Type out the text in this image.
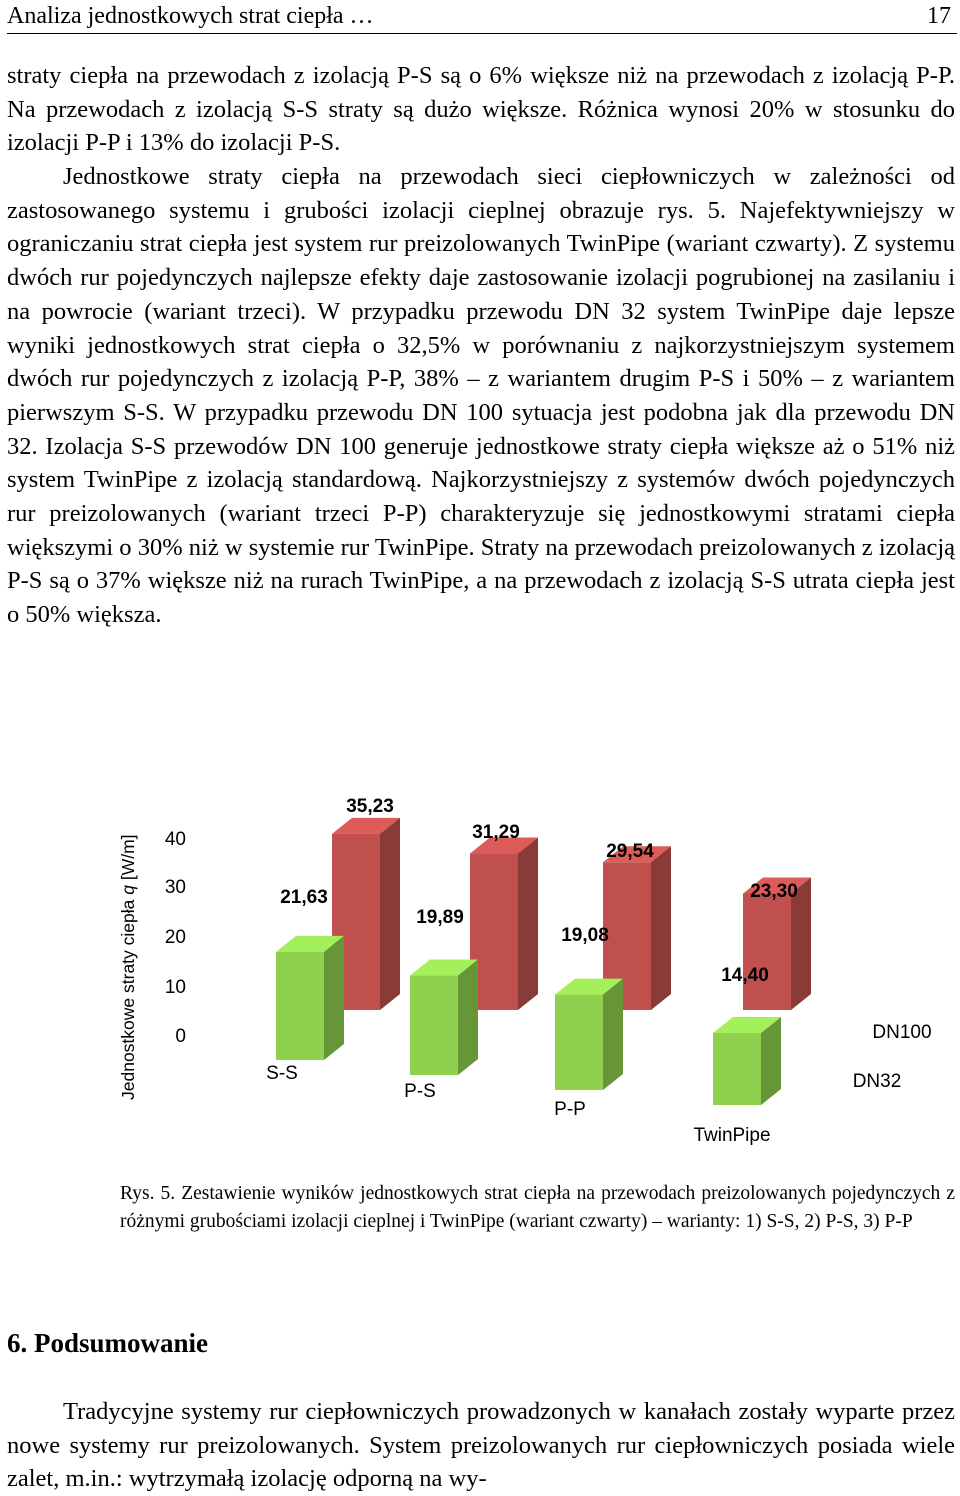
Analiza jednostkowych strat ciepła …	17

straty ciepła na przewodach z izolacją P-S są o 6% większe niż na przewodach z izolacją P-P. Na przewodach z izolacją S-S straty są dużo większe. Różnica wynosi 20% w stosunku do izolacji P-P i 13% do izolacji P-S.

Jednostkowe straty ciepła na przewodach sieci ciepłowniczych w zależności od zastosowanego systemu i grubości izolacji cieplnej obrazuje rys. 5. Najefektywniejszy w ograniczaniu strat ciepła jest system rur preizolowanych TwinPipe (wariant czwarty). Z systemu dwóch rur pojedynczych najlepsze efekty daje zastosowanie izolacji pogrubionej na zasilaniu i na powrocie (wariant trzeci). W przypadku przewodu DN 32 system TwinPipe daje lepsze wyniki jednostkowych strat ciepła o 32,5% w porównaniu z najkorzystniejszym systemem dwóch rur pojedynczych z izolacją P-P, 38% – z wariantem drugim P-S i 50% – z wariantem pierwszym S-S. W przypadku przewodu DN 100 sytuacja jest podobna jak dla przewodu DN 32. Izolacja S-S przewodów DN 100 generuje jednostkowe straty ciepła większe aż o 51% niż system TwinPipe z izolacją standardową. Najkorzystniejszy z systemów dwóch pojedynczych rur preizolowanych (wariant trzeci P-P) charakteryzuje się jednostkowymi stratami ciepła większymi o 30% niż w systemie rur TwinPipe. Straty na przewodach preizolowanych z izolacją P-S są o 37% większe niż na rurach TwinPipe, a na przewodach z izolacją S-S utrata ciepła jest o 50% większa.

Jednostkowe straty ciepła q [W/m]
0
10
20
30
40
35,23
31,29
29,54
23,30
21,63
19,89
19,08
14,40
S-S
P-S
P-P
TwinPipe
DN100
DN32

Rys. 5. Zestawienie wyników jednostkowych strat ciepła na przewodach preizolowanych pojedynczych z różnymi grubościami izolacji cieplnej i TwinPipe (wariant czwarty) – warianty: 1) S-S, 2) P-S, 3) P-P

6. Podsumowanie

Tradycyjne systemy rur ciepłowniczych prowadzonych w kanałach zostały wyparte przez nowe systemy rur preizolowanych. System preizolowanych rur ciepłowniczych posiada wiele zalet, m.in.: wytrzymałą izolację odporną na wy-
